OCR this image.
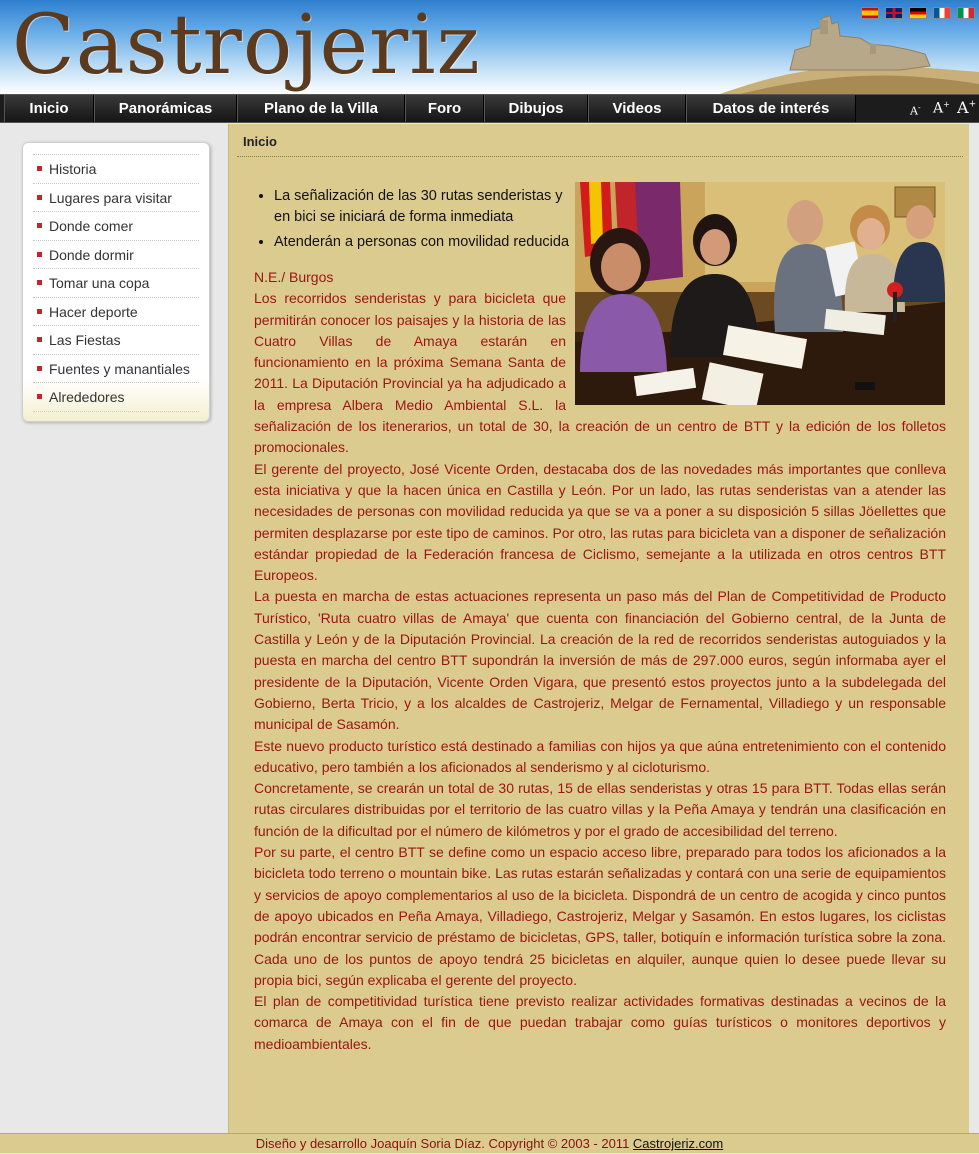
Castrojeriz
Inicio	Panorámicas	Plano de la Villa	Foro	Dibujos	Videos	Datos de interés	A- A+ A+
Historia
Lugares para visitar
Donde comer
Donde dormir
Tomar una copa
Hacer deporte
Las Fiestas
Fuentes y manantiales
Alrededores
Inicio
• La señalización de las 30 rutas senderistas y en bici se iniciará de forma inmediata
• Atenderán a personas con movilidad reducida

N.E./ Burgos

Los recorridos senderistas y para bicicleta que permitirán conocer los paisajes y la historia de las Cuatro Villas de Amaya estarán en funcionamiento en la próxima Semana Santa de 2011. La Diputación Provincial ya ha adjudicado a la empresa Albera Medio Ambiental S.L. la señalización de los itenerarios, un total de 30, la creación de un centro de BTT y la edición de los folletos promocionales.

El gerente del proyecto, José Vicente Orden, destacaba dos de las novedades más importantes que conlleva esta iniciativa y que la hacen única en Castilla y León. Por un lado, las rutas senderistas van a atender las necesidades de personas con movilidad reducida ya que se va a poner a su disposición 5 sillas Jöellettes que permiten desplazarse por este tipo de caminos. Por otro, las rutas para bicicleta van a disponer de señalización estándar propiedad de la Federación francesa de Ciclismo, semejante a la utilizada en otros centros BTT Europeos.

La puesta en marcha de estas actuaciones representa un paso más del Plan de Competitividad de Producto Turístico, 'Ruta cuatro villas de Amaya' que cuenta con financiación del Gobierno central, de la Junta de Castilla y León y de la Diputación Provincial. La creación de la red de recorridos senderistas autoguiados y la puesta en marcha del centro BTT supondrán la inversión de más de 297.000 euros, según informaba ayer el presidente de la Diputación, Vicente Orden Vigara, que presentó estos proyectos junto a la subdelegada del Gobierno, Berta Tricio, y a los alcaldes de Castrojeriz, Melgar de Fernamental, Villadiego y un responsable municipal de Sasamón.

Este nuevo producto turístico está destinado a familias con hijos ya que aúna entretenimiento con el contenido educativo, pero también a los aficionados al senderismo y al cicloturismo.

Concretamente, se crearán un total de 30 rutas, 15 de ellas senderistas y otras 15 para BTT. Todas ellas serán rutas circulares distribuidas por el territorio de las cuatro villas y la Peña Amaya y tendrán una clasificación en función de la dificultad por el número de kilómetros y por el grado de accesibilidad del terreno.

Por su parte, el centro BTT se define como un espacio acceso libre, preparado para todos los aficionados a la bicicleta todo terreno o mountain bike. Las rutas estarán señalizadas y contará con una serie de equipamientos y servicios de apoyo complementarios al uso de la bicicleta. Dispondrá de un centro de acogida y cinco puntos de apoyo ubicados en Peña Amaya, Villadiego, Castrojeriz, Melgar y Sasamón. En estos lugares, los ciclistas podrán encontrar servicio de préstamo de bicicletas, GPS, taller, botiquín e información turística sobre la zona. Cada uno de los puntos de apoyo tendrá 25 bicicletas en alquiler, aunque quien lo desee puede llevar su propia bici, según explicaba el gerente del proyecto.

El plan de competitividad turística tiene previsto realizar actividades formativas destinadas a vecinos de la comarca de Amaya con el fin de que puedan trabajar como guías turísticos o monitores deportivos y medioambientales.

Diseño y desarrollo Joaquín Soria Díaz. Copyright © 2003 - 2011 Castrojeriz.com
